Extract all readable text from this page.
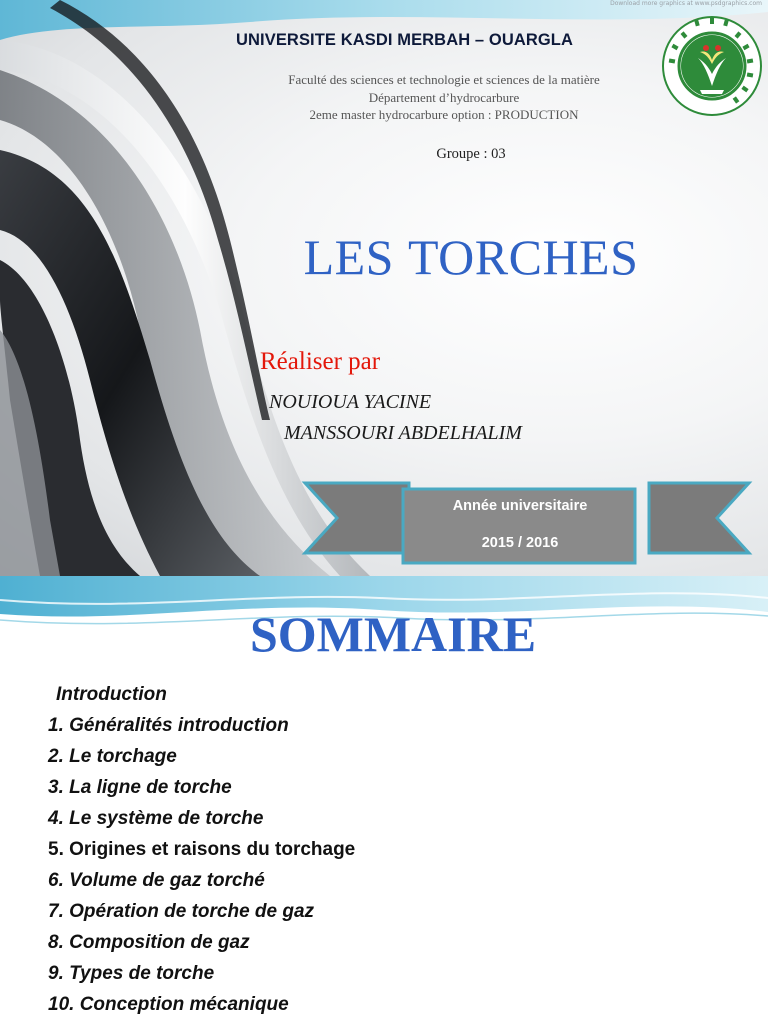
Download more graphics at www.psdgraphics.com
UNIVERSITE KASDI MERBAH – OUARGLA
Faculté des sciences et technologie et sciences de la matière
Département d’hydrocarbure
2eme master hydrocarbure option : PRODUCTION
Groupe : 03
LES TORCHES
Réaliser par
NOUIOUA YACINE
MANSSOURI ABDELHALIM
Année universitaire
2015 / 2016
SOMMAIRE
Introduction
1. Généralités introduction
2. Le torchage
3. La ligne de torche
4. Le système de torche
5. Origines et raisons du torchage
6. Volume de gaz torché
7. Opération de torche de gaz
8. Composition de gaz
9. Types de torche
10. Conception mécanique
